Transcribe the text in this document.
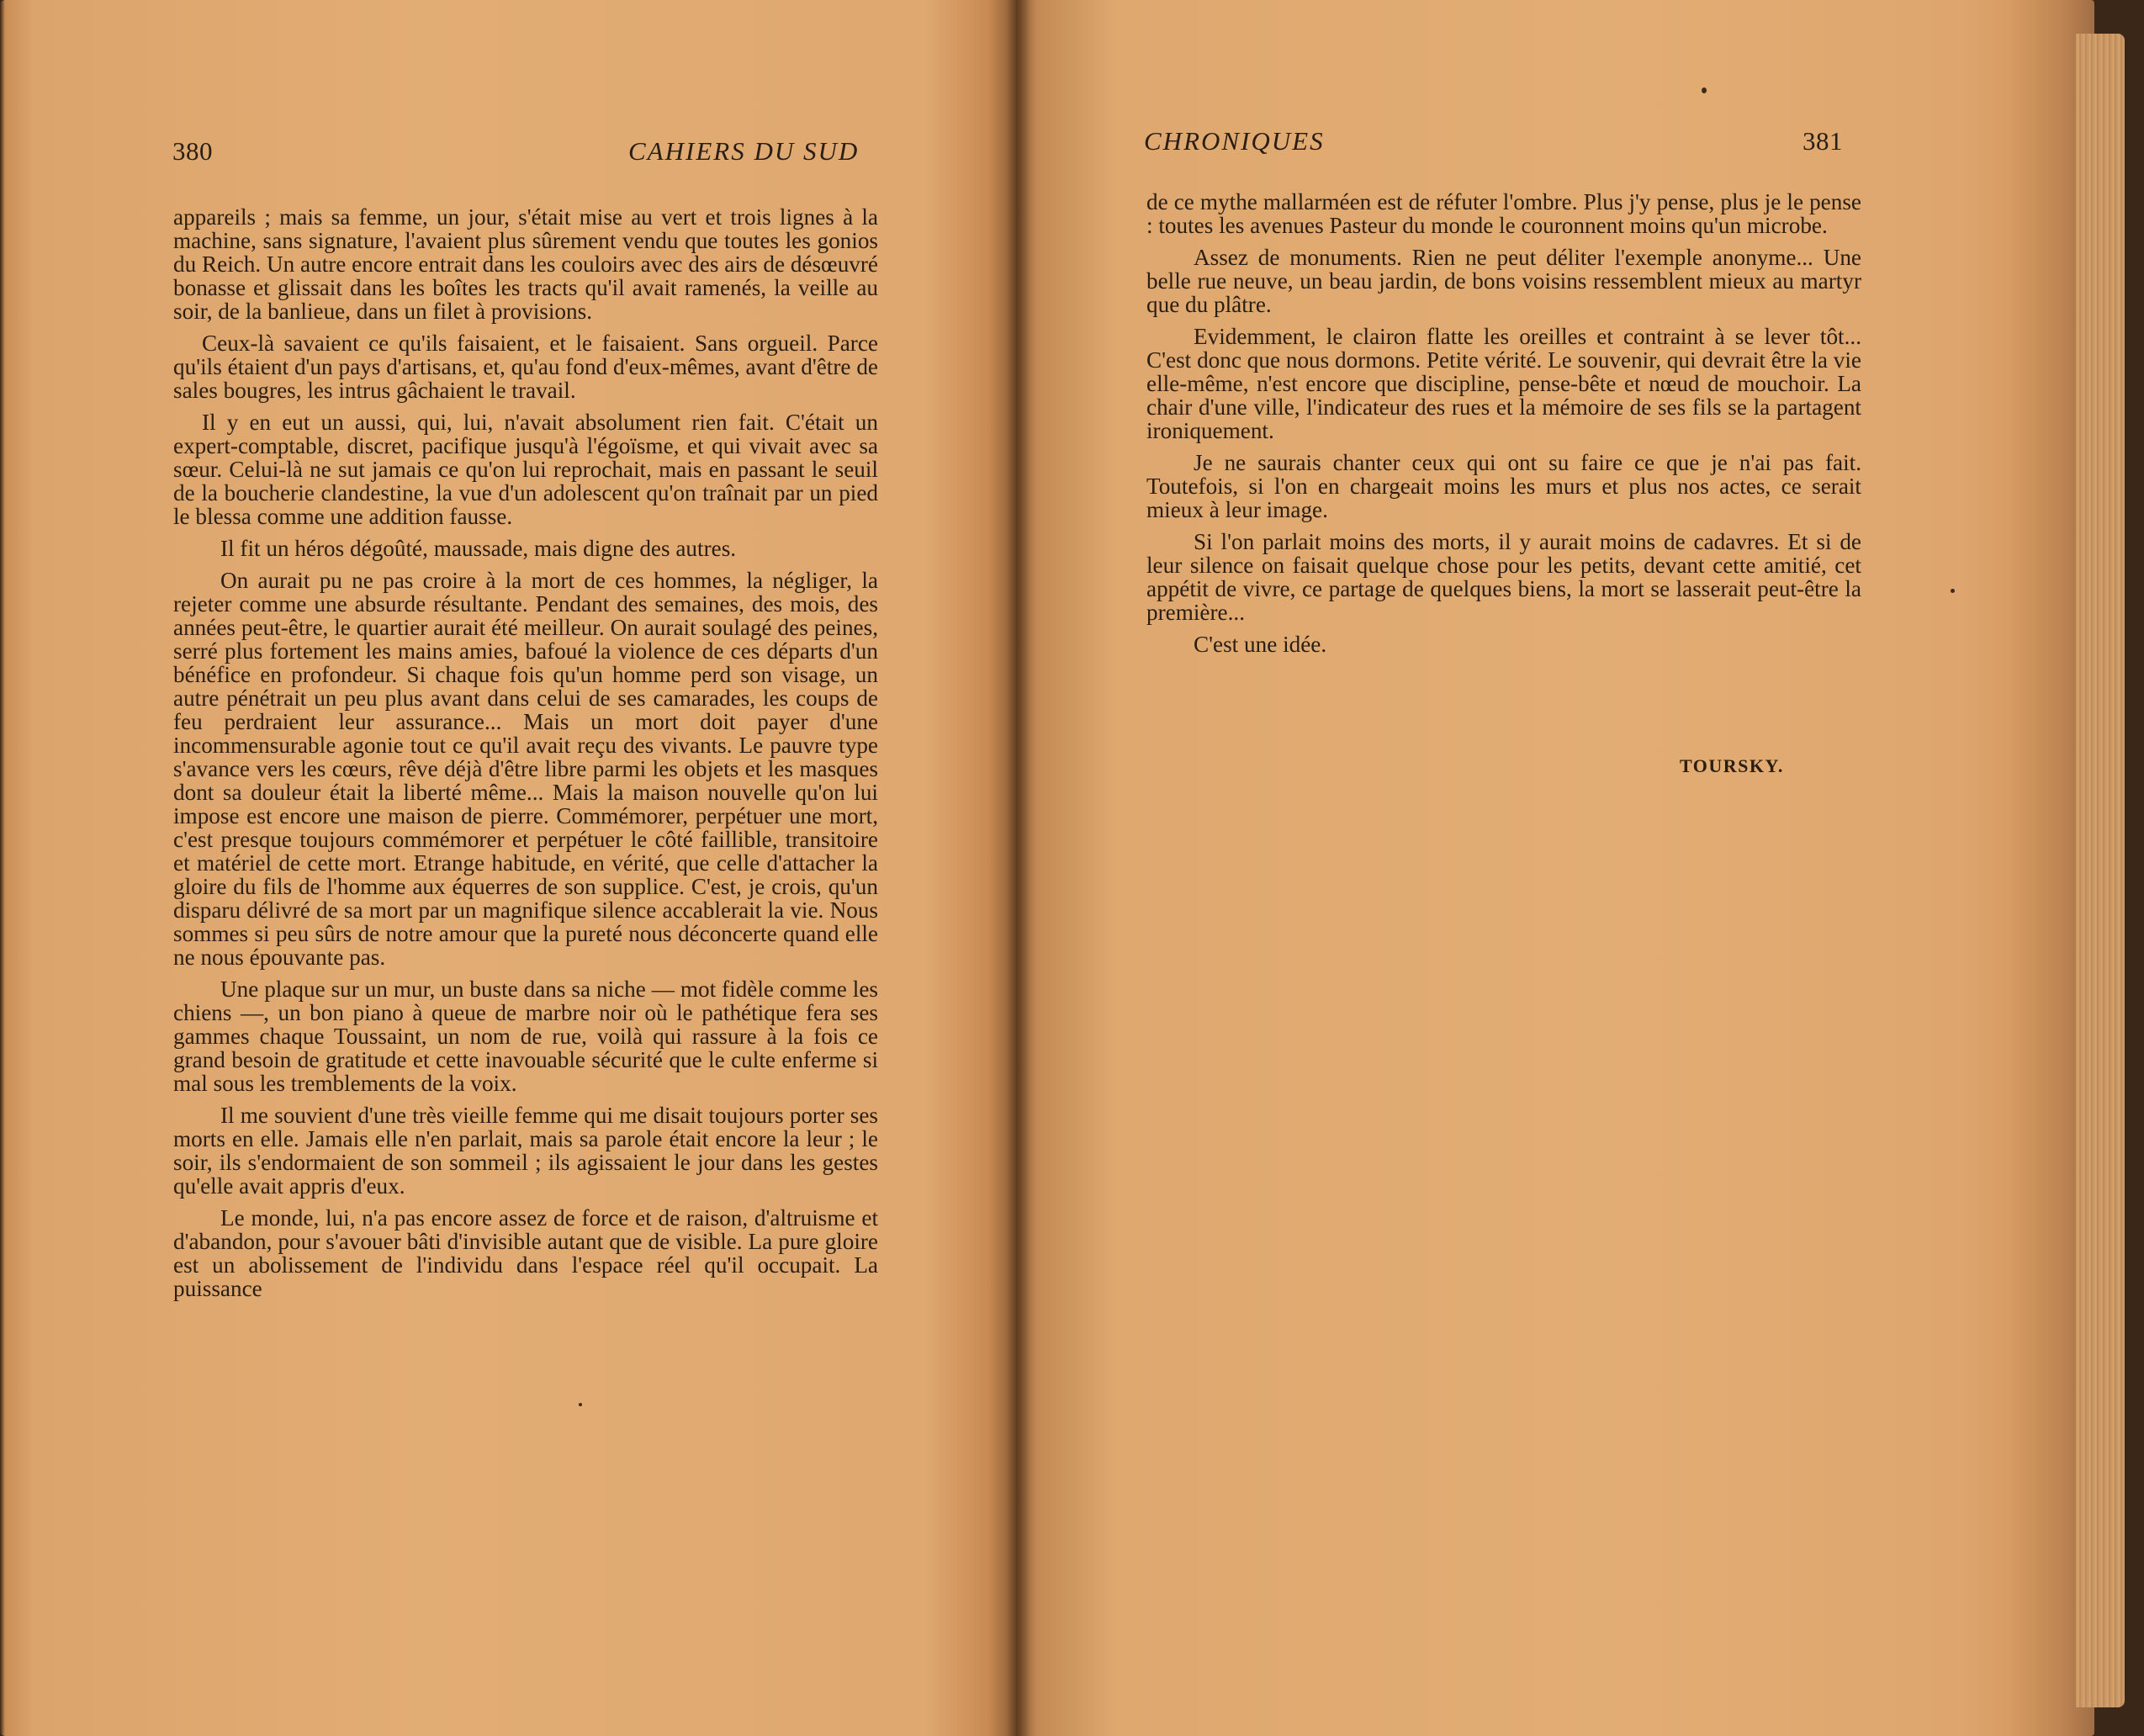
380	CAHIERS DU SUD

appareils ; mais sa femme, un jour, s'était mise au vert et trois lignes à la machine, sans signature, l'avaient plus sûrement vendu que toutes les gonios du Reich. Un autre encore entrait dans les couloirs avec des airs de désœuvré bonasse et glissait dans les boîtes les tracts qu'il avait ramenés, la veille au soir, de la banlieue, dans un filet à provisions.

Ceux-là savaient ce qu'ils faisaient, et le faisaient. Sans orgueil. Parce qu'ils étaient d'un pays d'artisans, et, qu'au fond d'eux-mêmes, avant d'être de sales bougres, les intrus gâchaient le travail.

Il y en eut un aussi, qui, lui, n'avait absolument rien fait. C'était un expert-comptable, discret, pacifique jusqu'à l'égoïsme, et qui vivait avec sa sœur. Celui-là ne sut jamais ce qu'on lui reprochait, mais en passant le seuil de la boucherie clandestine, la vue d'un adolescent qu'on traînait par un pied le blessa comme une addition fausse.

Il fit un héros dégoûté, maussade, mais digne des autres.

On aurait pu ne pas croire à la mort de ces hommes, la négliger, la rejeter comme une absurde résultante. Pendant des semaines, des mois, des années peut-être, le quartier aurait été meilleur. On aurait soulagé des peines, serré plus fortement les mains amies, bafoué la violence de ces départs d'un bénéfice en profondeur. Si chaque fois qu'un homme perd son visage, un autre pénétrait un peu plus avant dans celui de ses camarades, les coups de feu perdraient leur assurance... Mais un mort doit payer d'une incommensurable agonie tout ce qu'il avait reçu des vivants. Le pauvre type s'avance vers les cœurs, rêve déjà d'être libre parmi les objets et les masques dont sa douleur était la liberté même... Mais la maison nouvelle qu'on lui impose est encore une maison de pierre. Commémorer, perpétuer une mort, c'est presque toujours commémorer et perpétuer le côté faillible, transitoire et matériel de cette mort. Etrange habitude, en vérité, que celle d'attacher la gloire du fils de l'homme aux équerres de son supplice. C'est, je crois, qu'un disparu délivré de sa mort par un magnifique silence accablerait la vie. Nous sommes si peu sûrs de notre amour que la pureté nous déconcerte quand elle ne nous épouvante pas.

Une plaque sur un mur, un buste dans sa niche — mot fidèle comme les chiens —, un bon piano à queue de marbre noir où le pathétique fera ses gammes chaque Toussaint, un nom de rue, voilà qui rassure à la fois ce grand besoin de gratitude et cette inavouable sécurité que le culte enferme si mal sous les tremblements de la voix.

Il me souvient d'une très vieille femme qui me disait toujours porter ses morts en elle. Jamais elle n'en parlait, mais sa parole était encore la leur ; le soir, ils s'endormaient de son sommeil ; ils agissaient le jour dans les gestes qu'elle avait appris d'eux.

Le monde, lui, n'a pas encore assez de force et de raison, d'altruisme et d'abandon, pour s'avouer bâti d'invisible autant que de visible. La pure gloire est un abolissement de l'individu dans l'espace réel qu'il occupait. La puissance

CHRONIQUES	381

de ce mythe mallarméen est de réfuter l'ombre. Plus j'y pense, plus je le pense : toutes les avenues Pasteur du monde le couronnent moins qu'un microbe.

Assez de monuments. Rien ne peut déliter l'exemple anonyme... Une belle rue neuve, un beau jardin, de bons voisins ressemblent mieux au martyr que du plâtre.

Evidemment, le clairon flatte les oreilles et contraint à se lever tôt... C'est donc que nous dormons. Petite vérité. Le souvenir, qui devrait être la vie elle-même, n'est encore que discipline, pense-bête et nœud de mouchoir. La chair d'une ville, l'indicateur des rues et la mémoire de ses fils se la partagent ironiquement.

Je ne saurais chanter ceux qui ont su faire ce que je n'ai pas fait. Toutefois, si l'on en chargeait moins les murs et plus nos actes, ce serait mieux à leur image.

Si l'on parlait moins des morts, il y aurait moins de cadavres. Et si de leur silence on faisait quelque chose pour les petits, devant cette amitié, cet appétit de vivre, ce partage de quelques biens, la mort se lasserait peut-être la première...

C'est une idée.

TOURSKY.
